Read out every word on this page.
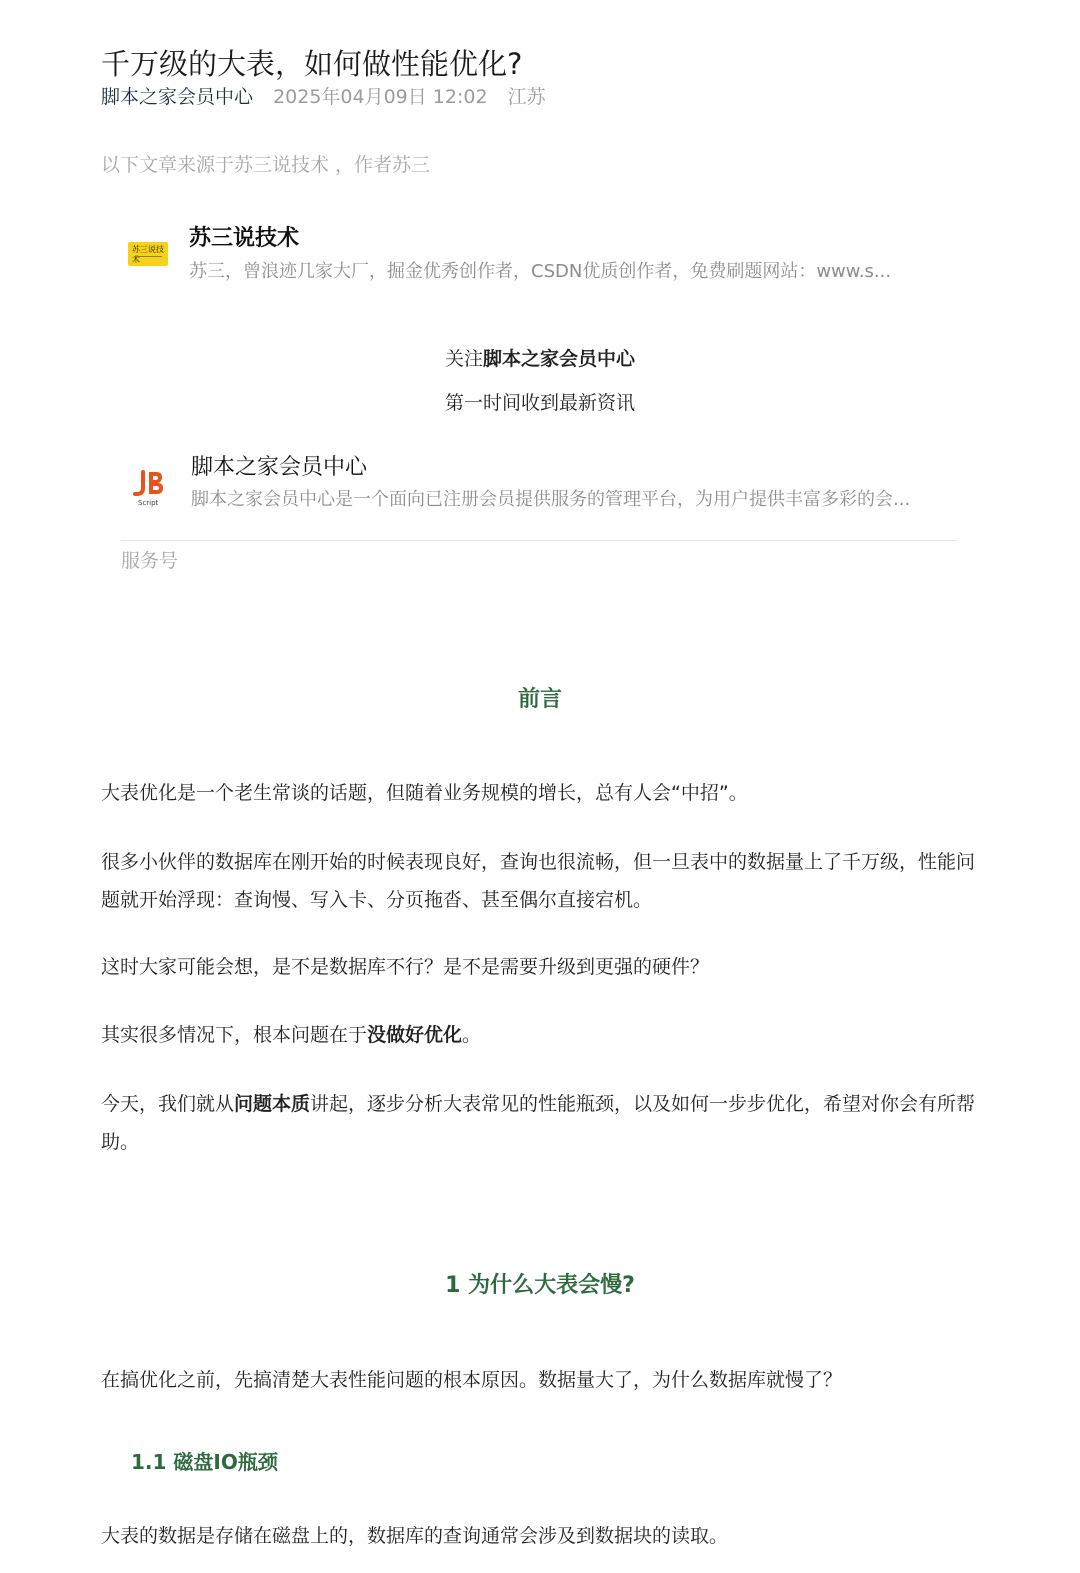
千万级的大表，如何做性能优化?
脚本之家会员中心 2025年04月09日 12:02 江苏
以下文章来源于苏三说技术 ，作者苏三
苏三说技术
苏三说技术
苏三，曾浪迹几家大厂，掘金优秀创作者，CSDN优质创作者，免费刷题网站：www.s...
关注脚本之家会员中心
第一时间收到最新资讯
Script
脚本之家会员中心
脚本之家会员中心是一个面向已注册会员提供服务的管理平台，为用户提供丰富多彩的会...
服务号
前言

大表优化是一个老生常谈的话题，但随着业务规模的增长，总有人会“中招”。

很多小伙伴的数据库在刚开始的时候表现良好，查询也很流畅，但一旦表中的数据量上了千万级，性能问题就开始浮现：查询慢、写入卡、分页拖沓、甚至偶尔直接宕机。

这时大家可能会想，是不是数据库不行？是不是需要升级到更强的硬件？

其实很多情况下，根本问题在于没做好优化。

今天，我们就从问题本质讲起，逐步分析大表常见的性能瓶颈，以及如何一步步优化，希望对你会有所帮助。

1 为什么大表会慢?

在搞优化之前，先搞清楚大表性能问题的根本原因。数据量大了，为什么数据库就慢了？

1.1 磁盘IO瓶颈

大表的数据是存储在磁盘上的，数据库的查询通常会涉及到数据块的读取。
